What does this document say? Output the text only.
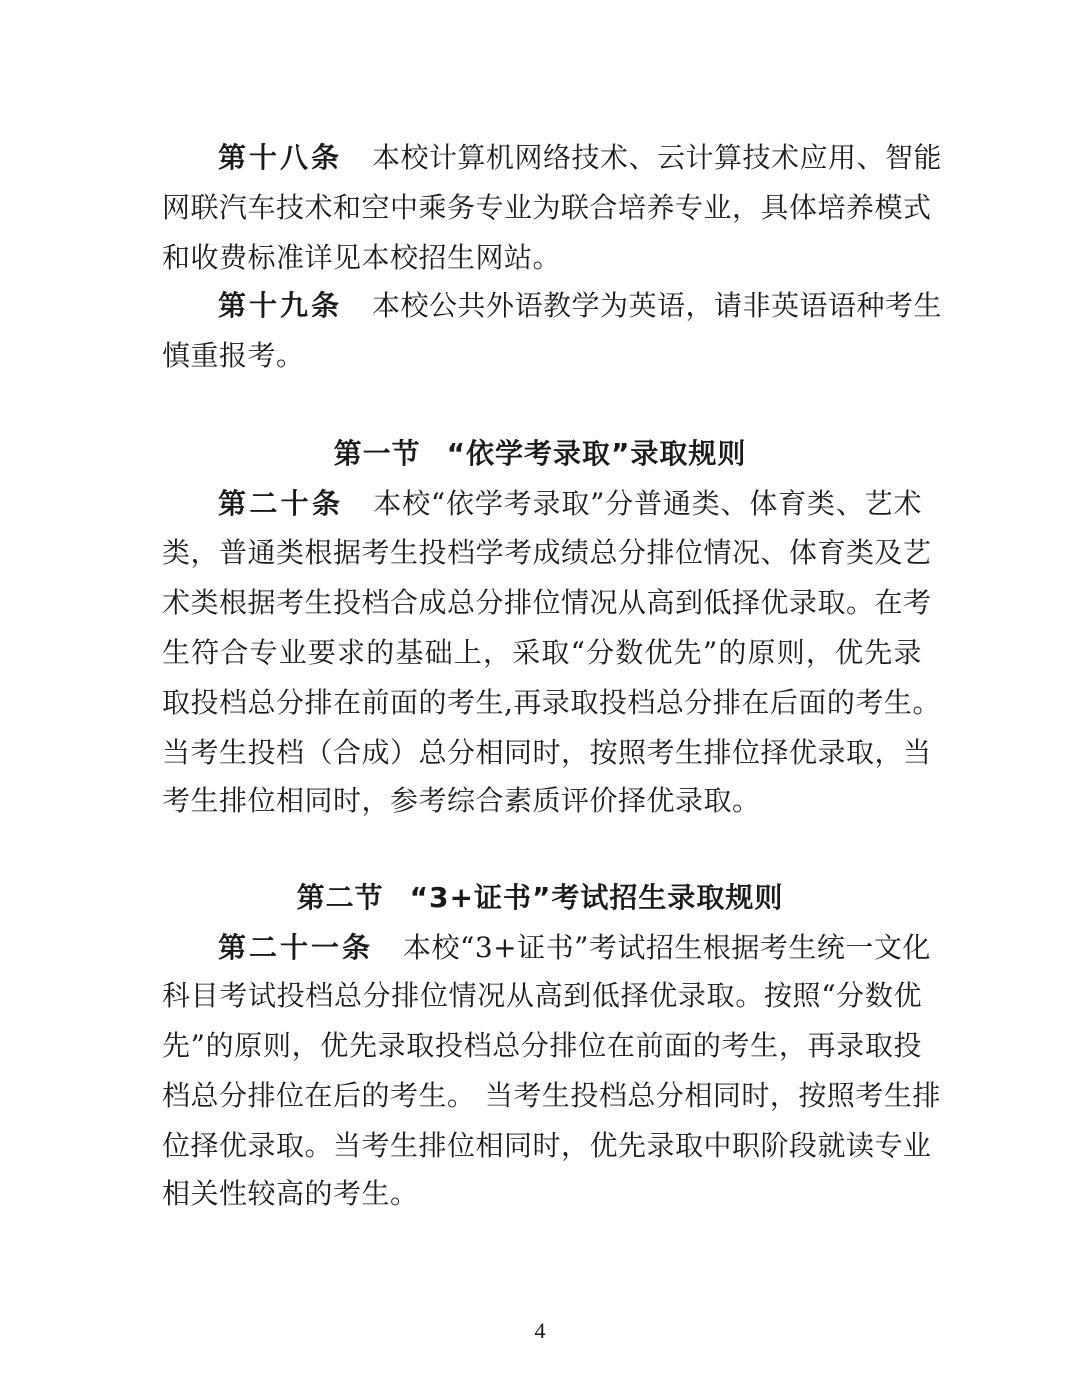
第十八条 本校计算机网络技术、云计算技术应用、智能
网联汽车技术和空中乘务专业为联合培养专业，具体培养模式
和收费标准详见本校招生网站。
第十九条 本校公共外语教学为英语，请非英语语种考生
慎重报考。
第一节 “依学考录取”录取规则
第二十条 本校“依学考录取”分普通类、体育类、艺术
类，普通类根据考生投档学考成绩总分排位情况、体育类及艺
术类根据考生投档合成总分排位情况从高到低择优录取。在考
生符合专业要求的基础上，采取“分数优先”的原则，优先录
取投档总分排在前面的考生,再录取投档总分排在后面的考生。
当考生投档（合成）总分相同时，按照考生排位择优录取，当
考生排位相同时，参考综合素质评价择优录取。
第二节 “3+证书”考试招生录取规则
第二十一条 本校“3+证书”考试招生根据考生统一文化
科目考试投档总分排位情况从高到低择优录取。按照“分数优
先”的原则，优先录取投档总分排位在前面的考生，再录取投
档总分排位在后的考生。 当考生投档总分相同时，按照考生排
位择优录取。当考生排位相同时，优先录取中职阶段就读专业
相关性较高的考生。
4
